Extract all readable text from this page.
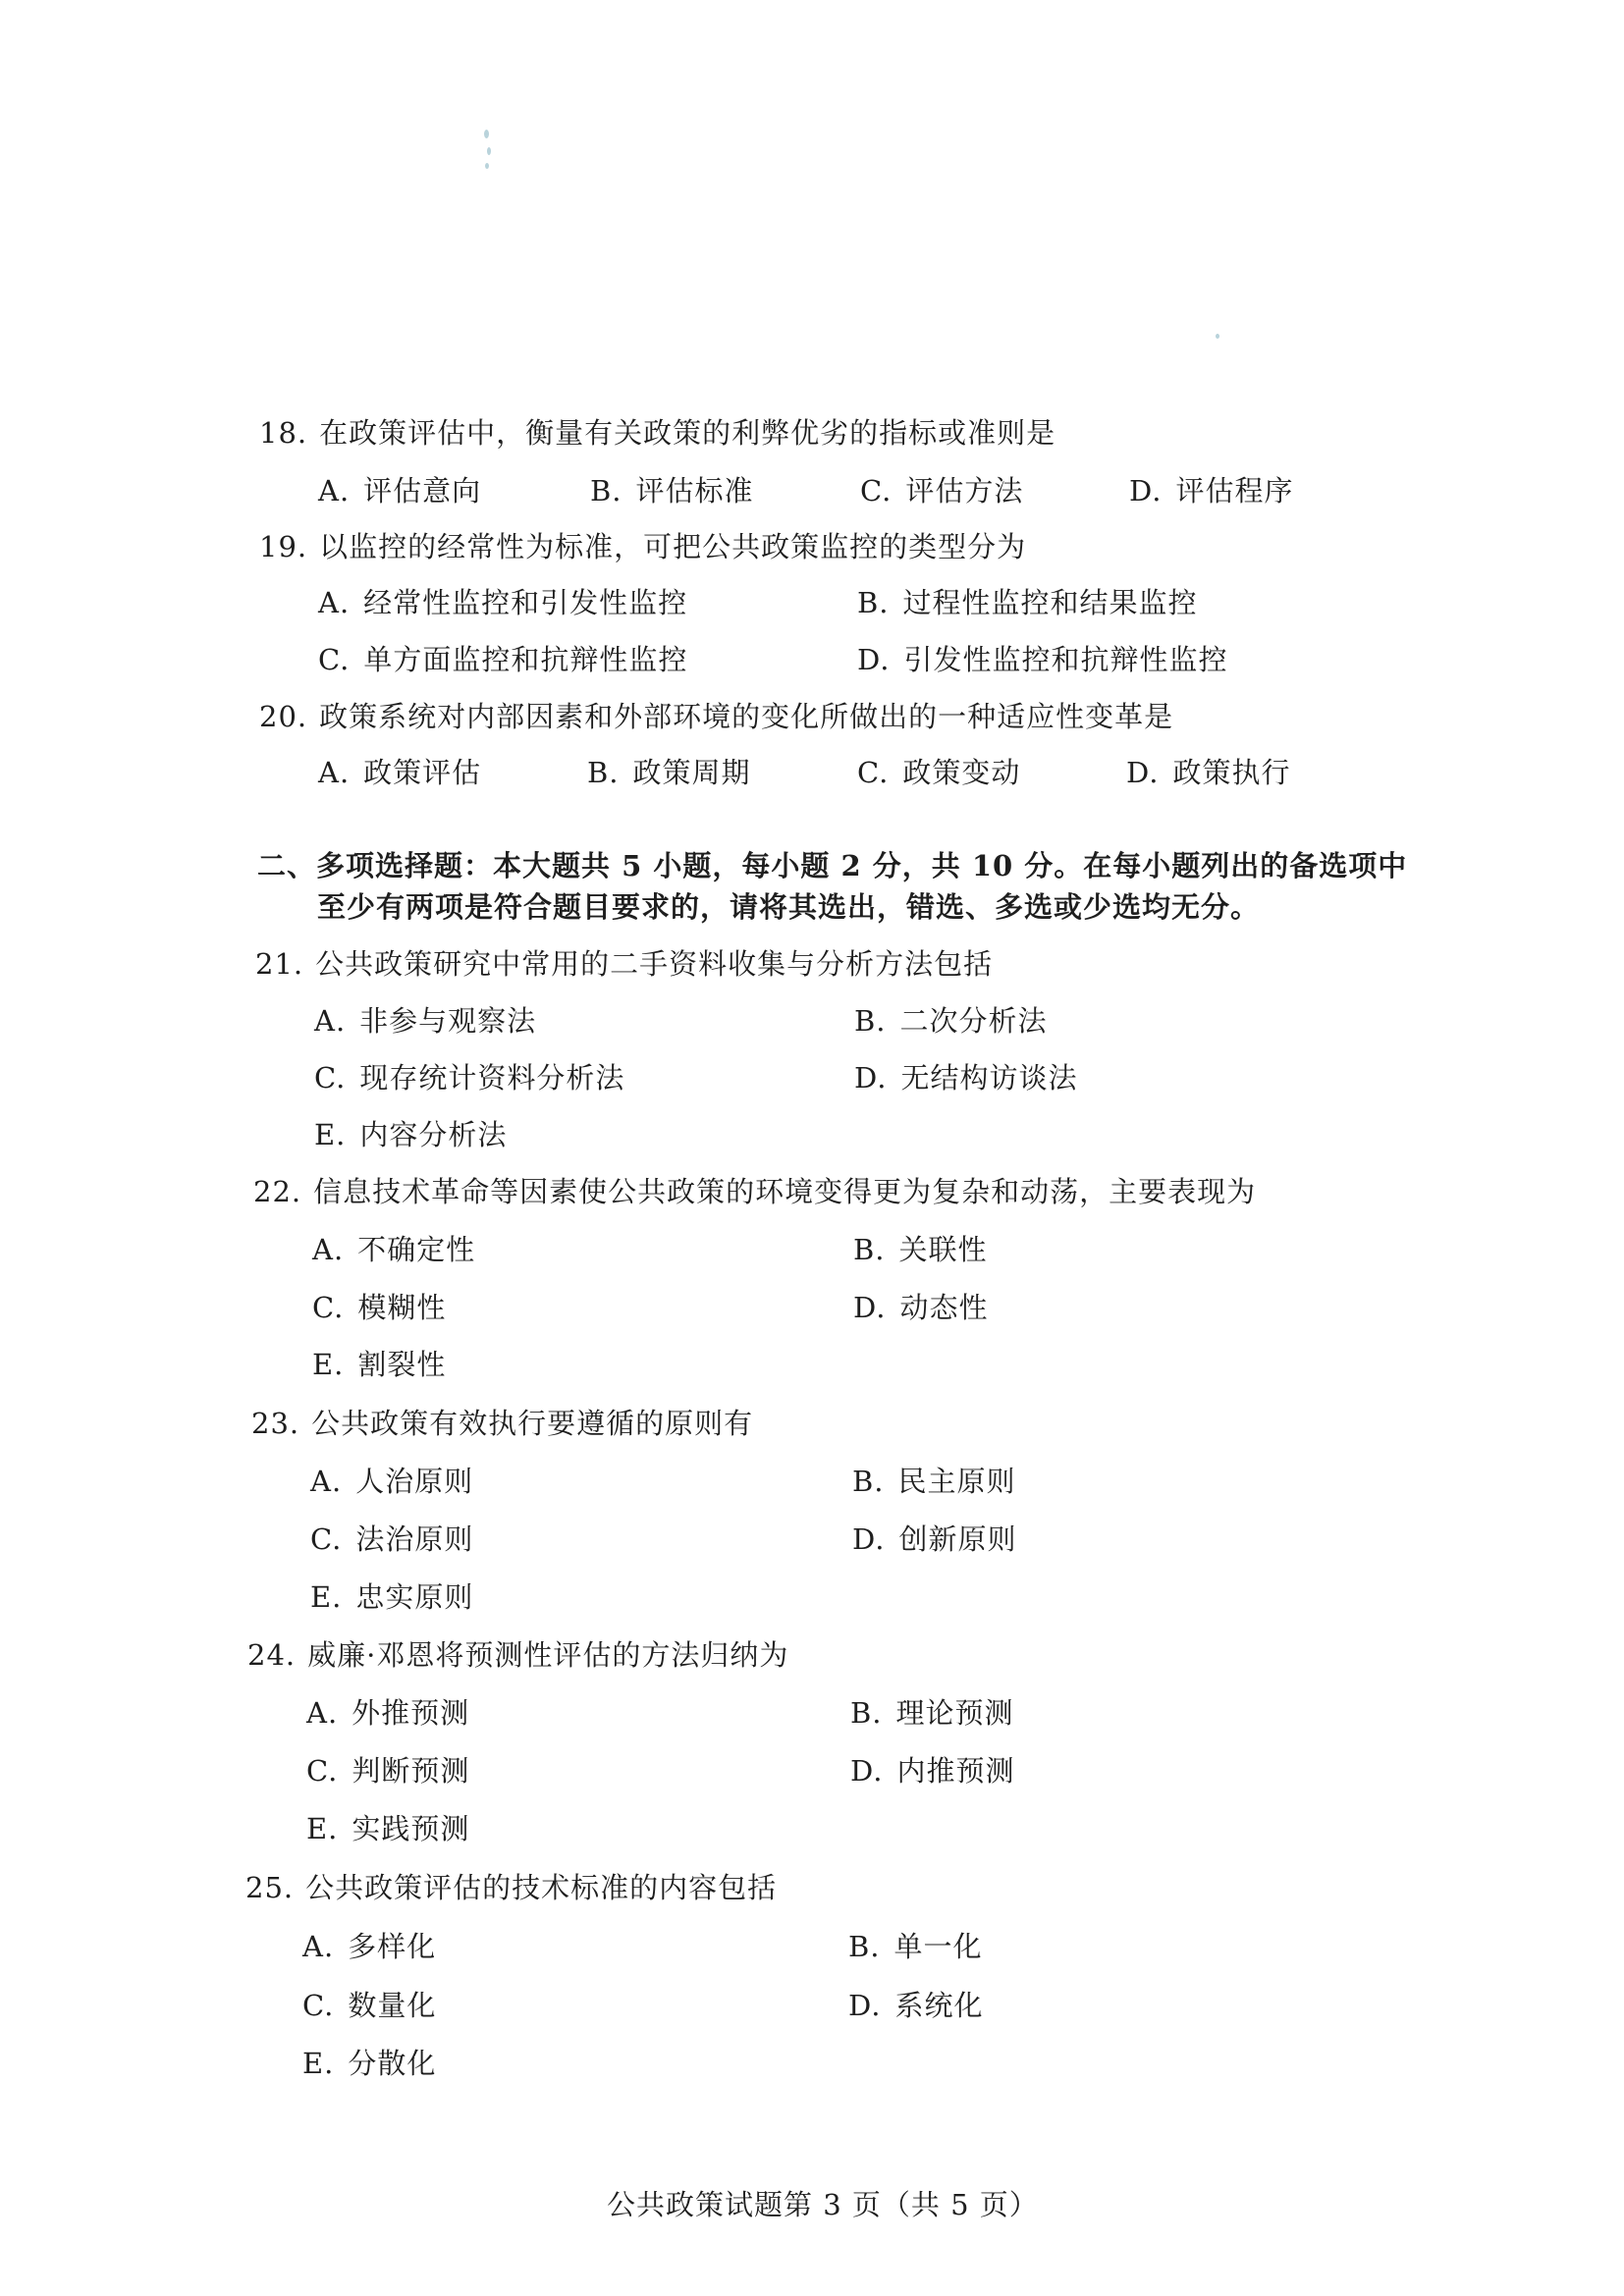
18. 在政策评估中，衡量有关政策的利弊优劣的指标或准则是
A. 评估意向	B. 评估标准	C. 评估方法	D. 评估程序
19. 以监控的经常性为标准，可把公共政策监控的类型分为
A. 经常性监控和引发性监控	B. 过程性监控和结果监控
C. 单方面监控和抗辩性监控	D. 引发性监控和抗辩性监控
20. 政策系统对内部因素和外部环境的变化所做出的一种适应性变革是
A. 政策评估	B. 政策周期	C. 政策变动	D. 政策执行
二、多项选择题：本大题共 5 小题，每小题 2 分，共 10 分。在每小题列出的备选项中
至少有两项是符合题目要求的，请将其选出，错选、多选或少选均无分。
21. 公共政策研究中常用的二手资料收集与分析方法包括
A. 非参与观察法	B. 二次分析法
C. 现存统计资料分析法	D. 无结构访谈法
E. 内容分析法
22. 信息技术革命等因素使公共政策的环境变得更为复杂和动荡，主要表现为
A. 不确定性	B. 关联性
C. 模糊性	D. 动态性
E. 割裂性
23. 公共政策有效执行要遵循的原则有
A. 人治原则	B. 民主原则
C. 法治原则	D. 创新原则
E. 忠实原则
24. 威廉·邓恩将预测性评估的方法归纳为
A. 外推预测	B. 理论预测
C. 判断预测	D. 内推预测
E. 实践预测
25. 公共政策评估的技术标准的内容包括
A. 多样化	B. 单一化
C. 数量化	D. 系统化
E. 分散化
公共政策试题第 3 页（共 5 页）
